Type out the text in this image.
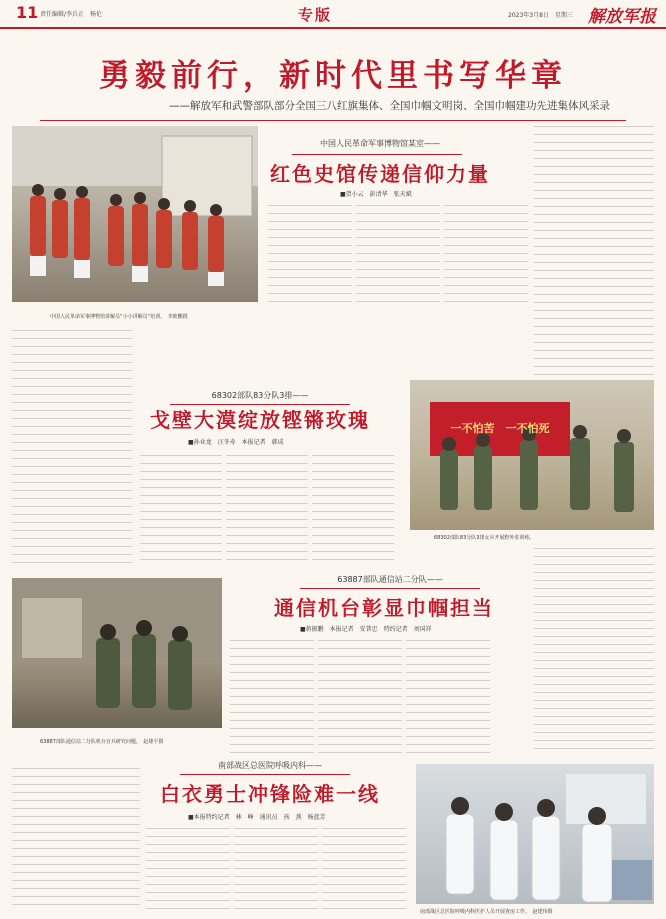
11 责任编辑/李兵正　杨伦	专版	2023年3月8日　星期三 解放军报
勇毅前行，新时代里书写华章
——解放军和武警部队部分全国三八红旗集体、全国巾帼文明岗、全国巾帼建功先进集体风采录
中国人民革命军事博物馆讲解员“小小讲解员”培训。　李欧鹏摄
中国人民革命军事博物馆某室——
红色史馆传递信仰力量
■贺小云　彭清华　张天斌
68302部队83分队3排——
戈壁大漠绽放铿锵玫瑰
■孙业龙　汪冬寿　本报记者　韩成
一不怕苦　一不怕死
68302部队83分队3排女兵开展野外驻训练。
63887部队通信站二分队机台官兵研究问题。　赵雄平摄
63887部队通信站二分队——
通信机台彰显巾帼担当
■蒋振鹏　本报记者　安普忠　特约记者　刘国祥
南部战区总医院呼吸内科——
白衣勇士冲锋险难一线
■本报特约记者　林　峥　通讯员　孩　燕　杨蓝芳
南部战区总医院呼吸内科医护人员开展查房工作。　赵建伟摄
